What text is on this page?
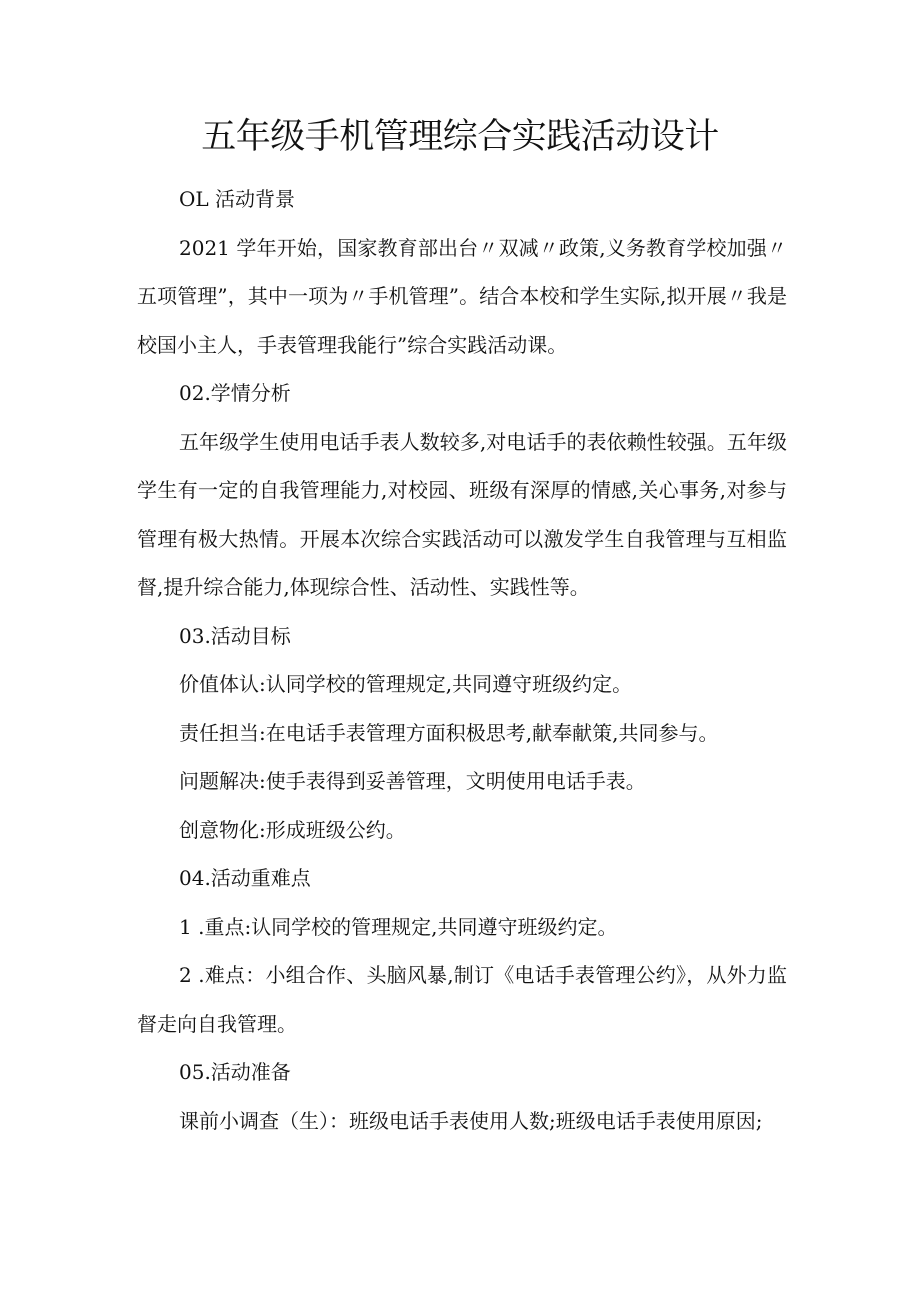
五年级手机管理综合实践活动设计

OL 活动背景

2021 学年开始，国家教育部出台〃双减〃政策,义务教育学校加强〃五项管理”，其中一项为〃手机管理”。结合本校和学生实际,拟开展〃我是校国小主人，手表管理我能行”综合实践活动课。

02.学情分析

五年级学生使用电话手表人数较多,对电话手的表依赖性较强。五年级学生有一定的自我管理能力,对校园、班级有深厚的情感,关心事务,对参与管理有极大热情。开展本次综合实践活动可以激发学生自我管理与互相监督,提升综合能力,体现综合性、活动性、实践性等。

03.活动目标

价值体认:认同学校的管理规定,共同遵守班级约定。

责任担当:在电话手表管理方面积极思考,献奉献策,共同参与。

问题解决:使手表得到妥善管理，文明使用电话手表。

创意物化:形成班级公约。

04.活动重难点

1 .重点:认同学校的管理规定,共同遵守班级约定。

2 .难点：小组合作、头脑风暴,制订《电话手表管理公约》，从外力监督走向自我管理。

05.活动准备

课前小调查（生）：班级电话手表使用人数;班级电话手表使用原因;
